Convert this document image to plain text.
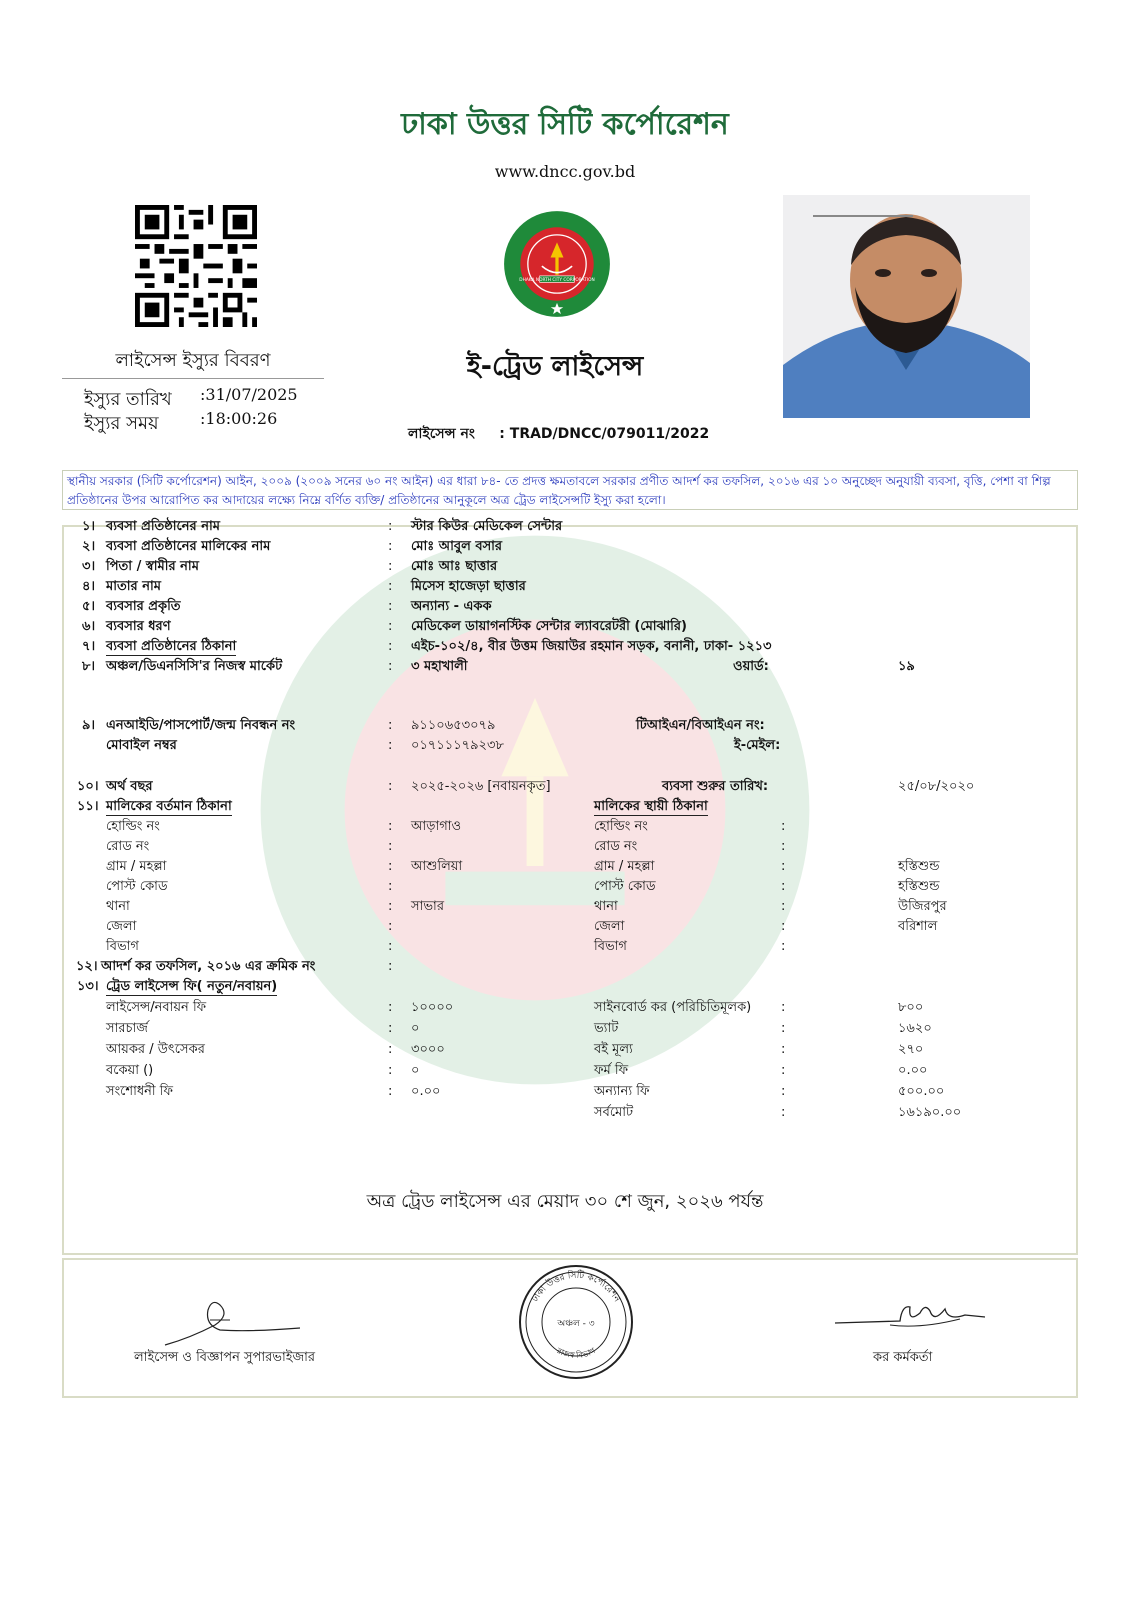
ঢাকা উত্তর সিটি কর্পোরেশন
www.dncc.gov.bd
লাইসেন্স ইস্যুর বিবরণ
ইস্যুর তারিখ	:31/07/2025
ইস্যুর সময়	:18:00:26
DHAKA NORTH CITY CORPORATION
ই-ট্রেড লাইসেন্স
লাইসেন্স নং : TRAD/DNCC/079011/2022
স্থানীয় সরকার (সিটি কর্পোরেশন) আইন, ২০০৯ (২০০৯ সনের ৬০ নং আইন) এর ধারা ৮৪- তে প্রদত্ত ক্ষমতাবলে সরকার প্রণীত আদর্শ কর তফসিল, ২০১৬ এর ১০ অনুচ্ছেদ অনুযায়ী ব্যবসা, বৃত্তি, পেশা বা শিল্প প্রতিষ্ঠানের উপর আরোপিত কর আদায়ের লক্ষ্যে নিম্নে বর্ণিত ব্যক্তি/ প্রতিষ্ঠানের আনুকূলে অত্র ট্রেড লাইসেন্সটি ইস্যু করা হলো।
১। ব্যবসা প্রতিষ্ঠানের নাম	: স্টার কিউর মেডিকেল সেন্টার
২। ব্যবসা প্রতিষ্ঠানের মালিকের নাম	: মোঃ আবুল বসার
৩। পিতা / স্বামীর নাম	: মোঃ আঃ ছাত্তার
৪। মাতার নাম	: মিসেস হাজেড়া ছাত্তার
৫। ব্যবসার প্রকৃতি	: অন্যান্য - একক
৬। ব্যবসার ধরণ	: মেডিকেল ডায়াগনস্টিক সেন্টার ল্যাবরেটরী (মোঝারি)
৭। ব্যবসা প্রতিষ্ঠানের ঠিকানা	: এইচ-১০২/৪, বীর উত্তম জিয়াউর রহমান সড়ক, বনানী, ঢাকা- ১২১৩
৮। অঞ্চল/ডিএনসিসি'র নিজস্ব মার্কেট	: ৩ মহাখালী	ওয়ার্ড:	১৯
৯। এনআইডি/পাসপোর্ট/জন্ম নিবন্ধন নং	: ৯১১০৬৫৩০৭৯	টিআইএন/বিআইএন নং:
মোবাইল নম্বর	: ০১৭১১১৭৯২৩৮	ই-মেইল:
১০। অর্থ বছর	: ২০২৫-২০২৬ [নবায়নকৃত]	ব্যবসা শুরুর তারিখ:	২৫/০৮/২০২০
১১। মালিকের বর্তমান ঠিকানা	মালিকের স্থায়ী ঠিকানা
হোল্ডিং নং	: আড়াগাও	হোল্ডিং নং	:
রোড নং	:	রোড নং	:
গ্রাম / মহল্লা	: আশুলিয়া	গ্রাম / মহল্লা	:	হস্তিশুন্ড
পোস্ট কোড	:	পোস্ট কোড	:	হস্তিশুন্ড
থানা	: সাভার	থানা	:	উজিরপুর
জেলা	:	জেলা	:	বরিশাল
বিভাগ	:	বিভাগ	:
১২। আদর্শ কর তফসিল, ২০১৬ এর ক্রমিক নং	:
১৩। ট্রেড লাইসেন্স ফি( নতুন/নবায়ন)
লাইসেন্স/নবায়ন ফি	: ১০০০০	সাইনবোর্ড কর (পরিচিতিমূলক) :	৮০০
সারচার্জ	: ০	ভ্যাট	:	১৬২০
আয়কর / উৎসেকর	: ৩০০০	বই মূল্য	:	২৭০
বকেয়া ()	: ০	ফর্ম ফি	:	০.০০
সংশোধনী ফি	: ০.০০	অন্যান্য ফি	:	৫০০.০০
সর্বমোট	:	১৬১৯০.০০
অত্র ট্রেড লাইসেন্স এর মেয়াদ ৩০ শে জুন, ২০২৬ পর্যন্ত
ঢাকা উত্তর সিটি কর্পোরেশন
অঞ্চল - ৩
রাজস্ব বিভাগ
লাইসেন্স ও বিজ্ঞাপন সুপারভাইজার	কর কর্মকর্তা
